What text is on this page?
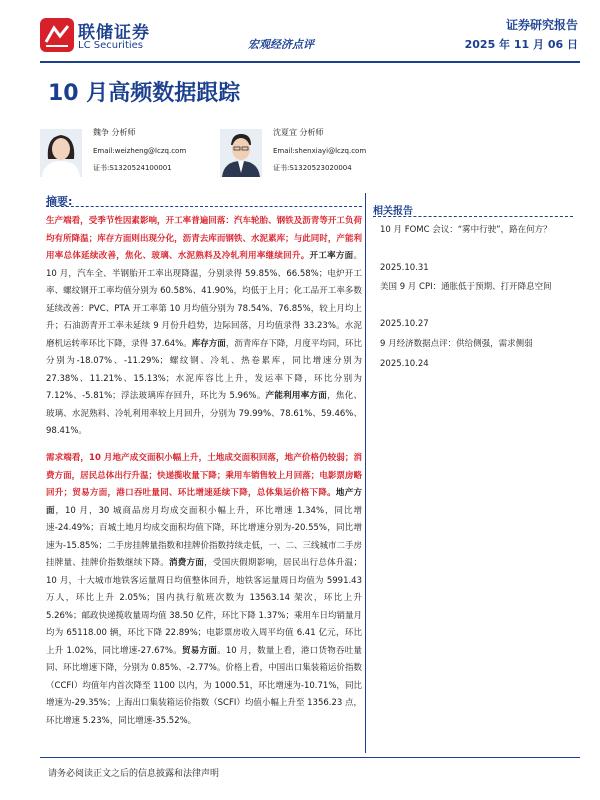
联储证券
LC Securities	宏观经济点评
证券研究报告
2025 年 11 月 06 日
10 月高频数据跟踪
魏争 分析师
Email:weizheng@lczq.com
证书:S1320524100001
沈夏宜 分析师
Email:shenxiayi@lczq.com
证书:S1320523020004
摘要:

生产端看，受季节性因素影响，开工率普遍回落：汽车轮胎、钢铁及沥青等开工负荷均有所降温；库存方面则出现分化，沥青去库而钢铁、水泥累库；与此同时，产能利用率总体延续改善，焦化、玻璃、水泥熟料及冷轧利用率继续回升。开工率方面。10 月，汽车全、半钢胎开工率出现降温，分别录得 59.85%、66.58%；电炉开工率、螺纹钢开工率均值分别为 60.58%、41.90%，均低于上月；化工品开工率多数延续改善：PVC、PTA 开工率第 10 月均值分别为 78.54%、76.85%，较上月均上升；石油沥青开工率未延续 9 月份升趋势，边际回落，月均值录得 33.23%。水泥磨机运转率环比下降，录得 37.64%。库存方面，沥青库存下降，月度平均同，环比分别为-18.07%、-11.29%；螺纹钢、冷轧、热卷累库，同比增速分别为 27.38%、11.21%、15.13%；水泥库容比上升，发运率下降，环比分别为 7.12%、-5.81%；浮法玻璃库存回升，环比为 5.96%。产能利用率方面，焦化、玻璃、水泥熟料、冷轧利用率较上月回升，分别为 79.99%、78.61%、59.46%、98.41%。

需求端看，10 月地产成交面积小幅上升，土地成交面积回落，地产价格仍较弱；消费方面，居民总体出行升温；快递揽收量下降；乘用车销售较上月回落；电影票房略回升；贸易方面，港口吞吐量同、环比增速延续下降，总体集运价格下降。地产方面，10 月，30 城商品房月均成交面积小幅上升，环比增速 1.34%，同比增速-24.49%；百城土地月均成交面积均值下降，环比增速分别为-20.55%，同比增速为-15.85%；二手房挂牌量指数和挂牌价指数持续走低，一、二、三线城市二手房挂牌量、挂牌价指数继续下降。消费方面，受国庆假期影响，居民出行总体升温；10 月，十大城市地铁客运量周日均值整体回升，地铁客运量周日均值为 5991.43 万人，环比上升 2.05%；国内执行航班次数为 13563.14 架次，环比上升 5.26%；邮政快递揽收量周均值 38.50 亿件，环比下降 1.37%；乘用车日均销量月均为 65118.00 辆，环比下降 22.89%；电影票房收入周平均值 6.41 亿元，环比上升 1.02%，同比增速-27.67%。贸易方面。10 月，数量上看，港口货物吞吐量同、环比增速下降，分别为 0.85%、-2.77%。价格上看，中国出口集装箱运价指数（CCFI）均值年内首次降至 1100 以内，为 1000.51，环比增速为-10.71%，同比增速为-29.35%；上海出口集装箱运价指数（SCFI）均值小幅上升至 1356.23 点，环比增速 5.23%，同比增速-35.52%。

相关报告
10 月 FOMC 会议：“雾中行驶”，路在何方？
2025.10.31
美国 9 月 CPI：通胀低于预期、打开降息空间
2025.10.27
9 月经济数据点评：供给侧强，需求侧弱
2025.10.24
请务必阅读正文之后的信息披露和法律声明
